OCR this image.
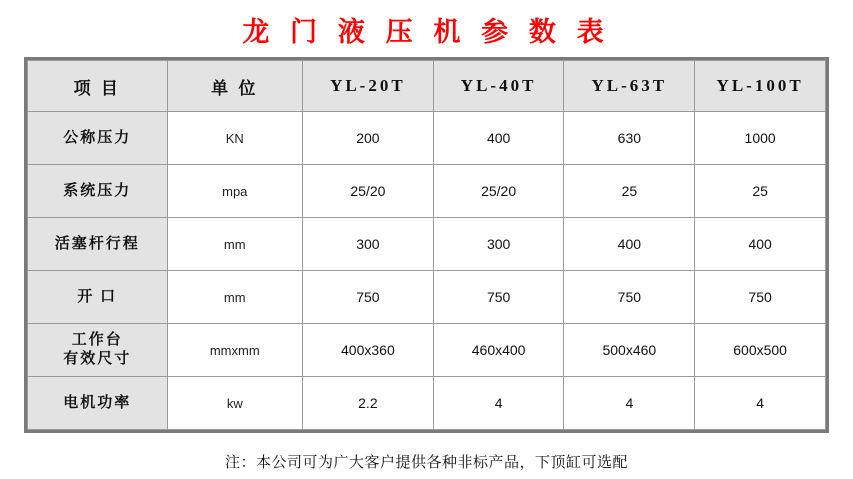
龙 门 液 压 机 参 数 表
项 目	单 位	YL-20T	YL-40T	YL-63T	YL-100T
公称压力	KN	200	400	630	1000
系统压力	mpa	25/20	25/20	25	25
活塞杆行程	mm	300	300	400	400
开 口	mm	750	750	750	750

工作台
有效尺寸	mmxmm	400x360	460x400	500x460	600x500
电机功率	kw	2.2	4	4	4
注：本公司可为广大客户提供各种非标产品，下顶缸可选配
